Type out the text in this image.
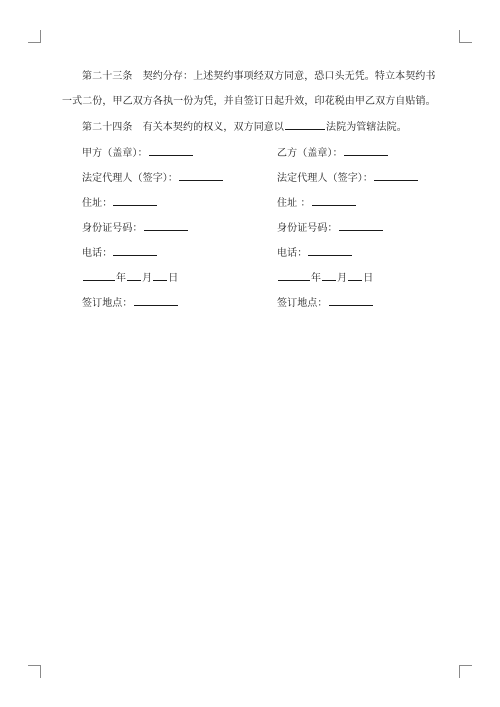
第二十三条　契约分存：上述契约事项经双方同意，恐口头无凭。特立本契约书
一式二份，甲乙双方各执一份为凭，并自签订日起升效，印花税由甲乙双方自贴销。
第二十四条　有关本契约的权义，双方同意以	法院为管辖法院。
甲方（盖章）：
法定代理人（签字）：
住址：
身份证号码：
电话：
年 月 日
签订地点：
乙方（盖章）：
法定代理人（签字）：
住址 ：
身份证号码：
电话：
年 月 日
签订地点：
